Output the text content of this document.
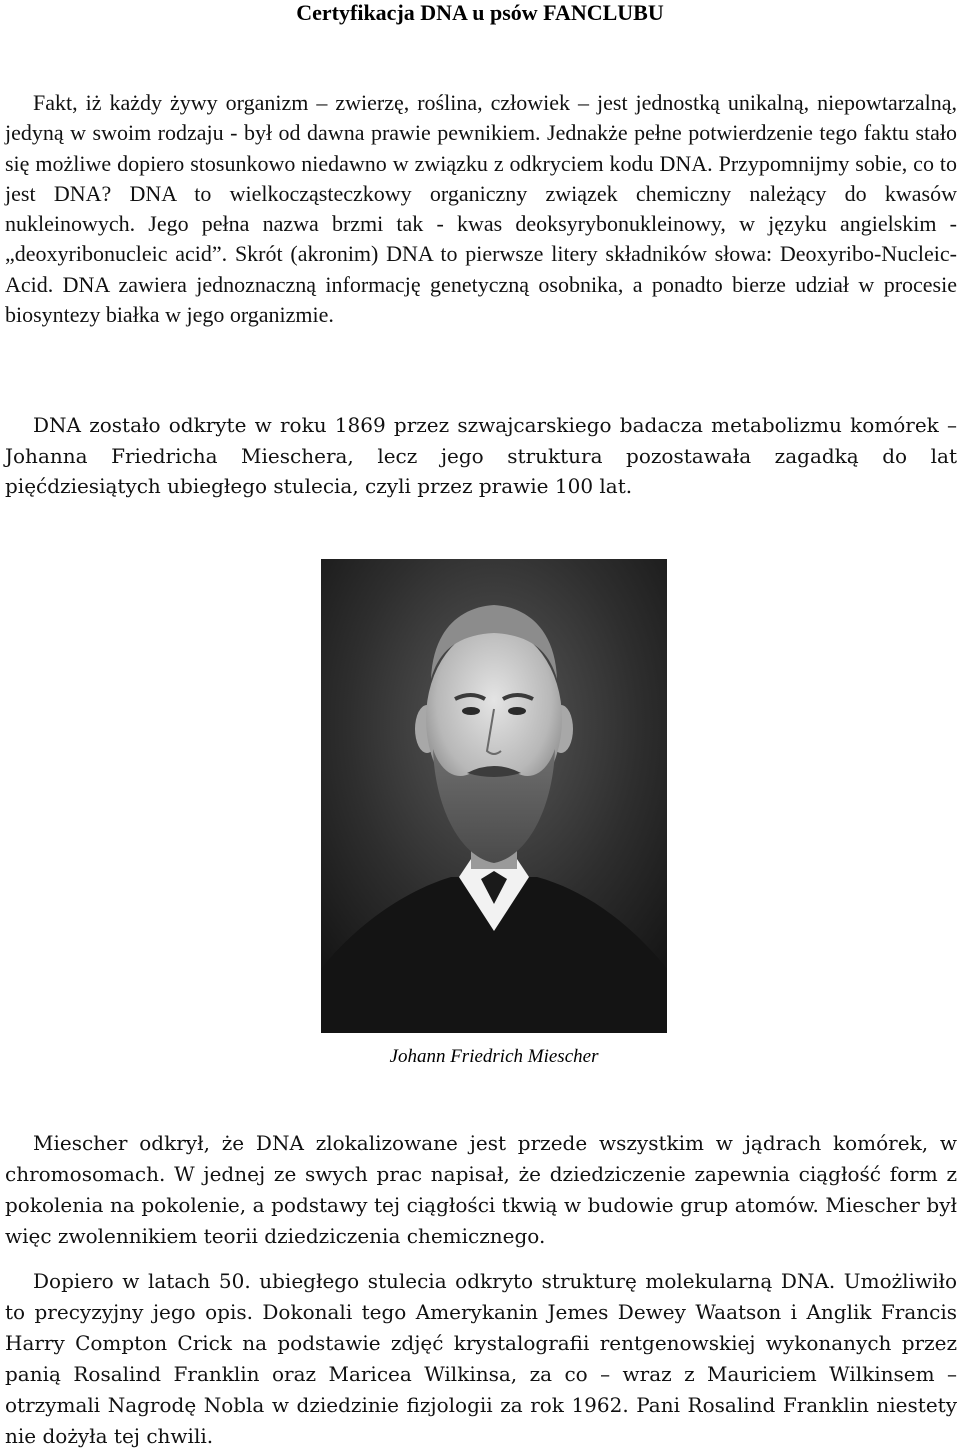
Certyfikacja DNA u psów FANCLUBU

Fakt, iż każdy żywy organizm – zwierzę, roślina, człowiek – jest jednostką unikalną, niepowtarzalną, jedyną w swoim rodzaju - był od dawna prawie pewnikiem. Jednakże pełne potwierdzenie tego faktu stało się możliwe dopiero stosunkowo niedawno w związku z odkryciem kodu DNA. Przypomnijmy sobie, co to jest DNA? DNA to wielkocząsteczkowy organiczny związek chemiczny należący do kwasów nukleinowych. Jego pełna nazwa brzmi tak - kwas deoksyrybonukleinowy, w języku angielskim - „deoxyribonucleic acid”. Skrót (akronim) DNA to pierwsze litery składników słowa: Deoxyribo-Nucleic-Acid. DNA zawiera jednoznaczną informację genetyczną osobnika, a ponadto bierze udział w procesie biosyntezy białka w jego organizmie.

DNA zostało odkryte w roku 1869 przez szwajcarskiego badacza metabolizmu komórek – Johanna Friedricha Mieschera, lecz jego struktura pozostawała zagadką do lat pięćdziesiątych ubiegłego stulecia, czyli przez prawie 100 lat.

Johann Friedrich Miescher

Miescher odkrył, że DNA zlokalizowane jest przede wszystkim w jądrach komórek, w chromosomach. W jednej ze swych prac napisał, że dziedziczenie zapewnia ciągłość form z pokolenia na pokolenie, a podstawy tej ciągłości tkwią w budowie grup atomów. Miescher był więc zwolennikiem teorii dziedziczenia chemicznego.

Dopiero w latach 50. ubiegłego stulecia odkryto strukturę molekularną DNA. Umożliwiło to precyzyjny jego opis. Dokonali tego Amerykanin Jemes Dewey Waatson i Anglik Francis Harry Compton Crick na podstawie zdjęć krystalografii rentgenowskiej wykonanych przez panią Rosalind Franklin oraz Maricea Wilkinsa, za co – wraz z Mauriciem Wilkinsem – otrzymali Nagrodę Nobla w dziedzinie fizjologii za rok 1962. Pani Rosalind Franklin niestety nie dożyła tej chwili.
